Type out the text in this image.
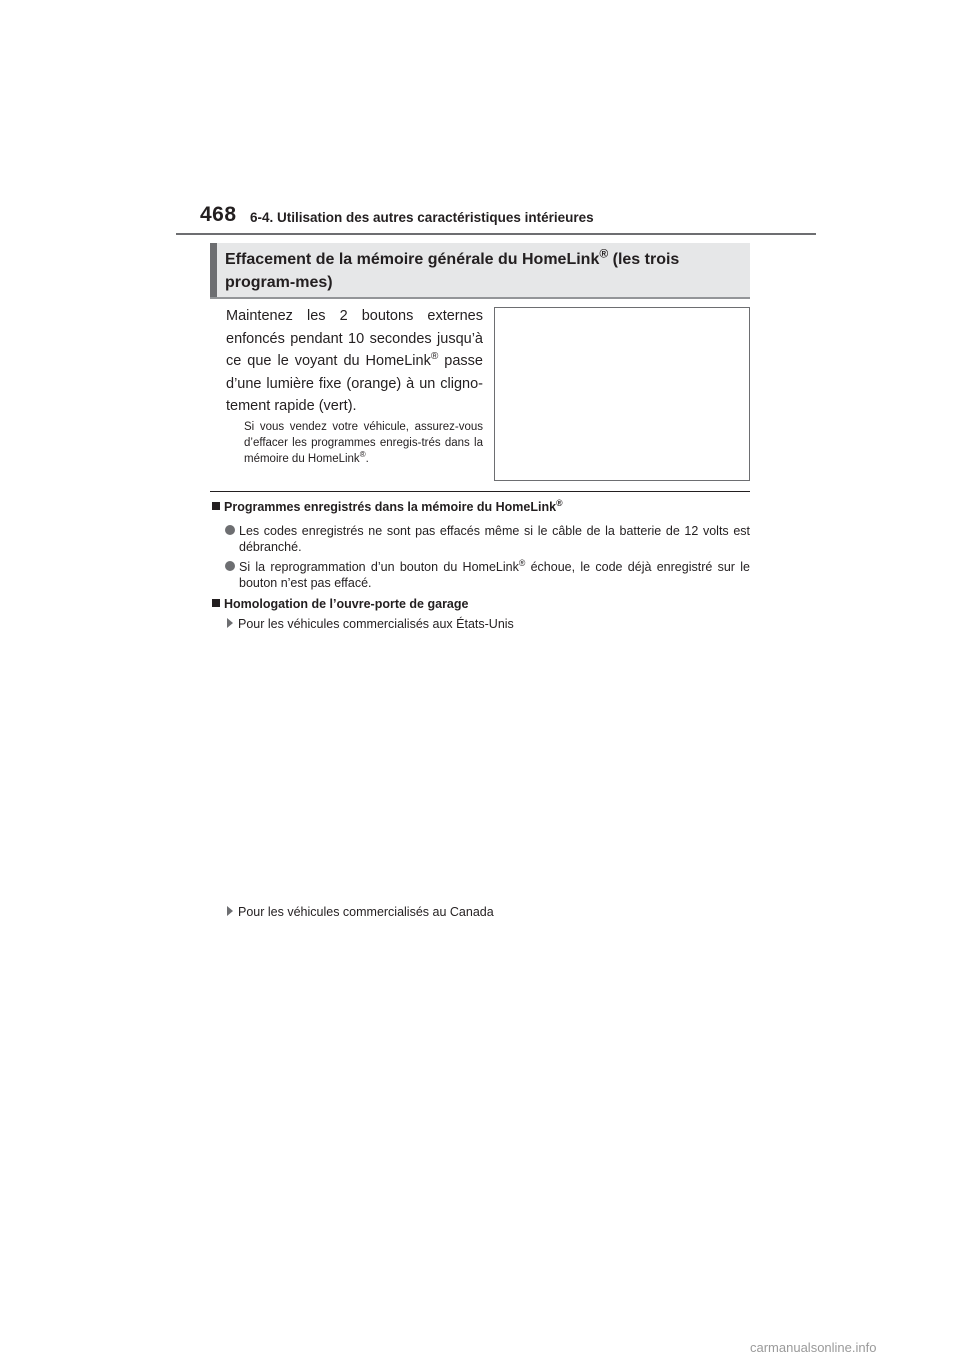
468 6-4. Utilisation des autres caractéristiques intérieures
Effacement de la mémoire générale du HomeLink® (les trois program-mes)
Maintenez les 2 boutons externes enfoncés pendant 10 secondes jusqu’à ce que le voyant du HomeLink® passe d’une lumière fixe (orange) à un cligno-tement rapide (vert).
Si vous vendez votre véhicule, assurez-vous d’effacer les programmes enregis-trés dans la mémoire du HomeLink®.
Programmes enregistrés dans la mémoire du HomeLink®
Les codes enregistrés ne sont pas effacés même si le câble de la batterie de 12 volts est débranché.
Si la reprogrammation d’un bouton du HomeLink® échoue, le code déjà enregistré sur le bouton n’est pas effacé.
Homologation de l’ouvre-porte de garage
Pour les véhicules commercialisés aux États-Unis
Pour les véhicules commercialisés au Canada
carmanualsonline.info
